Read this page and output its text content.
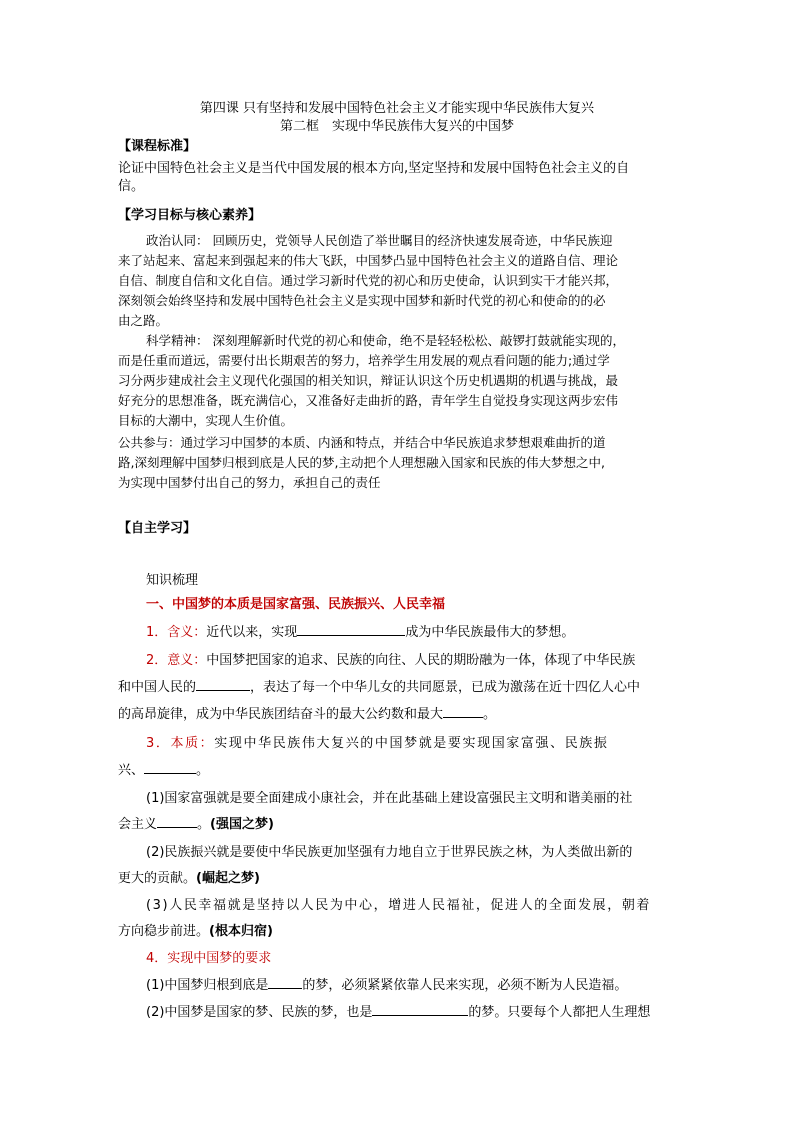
第四课 只有坚持和发展中国特色社会主义才能实现中华民族伟大复兴
第二框　实现中华民族伟大复兴的中国梦
【课程标准】
论证中国特色社会主义是当代中国发展的根本方向,坚定坚持和发展中国特色社会主义的自
信。
【学习目标与核心素养】
政治认同： 回顾历史，党领导人民创造了举世瞩目的经济快速发展奇迹，中华民族迎
来了站起来、富起来到强起来的伟大飞跃，中国梦凸显中国特色社会主义的道路自信、理论
自信、制度自信和文化自信。通过学习新时代党的初心和历史使命，认识到实干才能兴邦，
深刻领会始终坚持和发展中国特色社会主义是实现中国梦和新时代党的初心和使命的的必
由之路。
科学精神： 深刻理解新时代党的初心和使命，绝不是轻轻松松、敲锣打鼓就能实现的，
而是任重而道远，需要付出长期艰苦的努力，培养学生用发展的观点看问题的能力;通过学
习分两步建成社会主义现代化强国的相关知识，辩证认识这个历史机遇期的机遇与挑战，最
好充分的思想准备，既充满信心，又准备好走曲折的路，青年学生自觉投身实现这两步宏伟
目标的大潮中，实现人生价值。
公共参与：通过学习中国梦的本质、内涵和特点，并结合中华民族追求梦想艰难曲折的道
路,深刻理解中国梦归根到底是人民的梦,主动把个人理想融入国家和民族的伟大梦想之中,
为实现中国梦付出自己的努力，承担自己的责任
【自主学习】
知识梳理
一、中国梦的本质是国家富强、民族振兴、人民幸福
1．含义：近代以来，实现	成为中华民族最伟大的梦想。
2．意义：中国梦把国家的追求、民族的向往、人民的期盼融为一体，体现了中华民族
和中国人民的	，表达了每一个中华儿女的共同愿景，已成为激荡在近十四亿人心中
的高昂旋律，成为中华民族团结奋斗的最大公约数和最大	。
3．本质：实现中华民族伟大复兴的中国梦就是要实现国家富强、民族振
兴、	。
(1)国家富强就是要全面建成小康社会，并在此基础上建设富强民主文明和谐美丽的社
会主义	。(强国之梦)
(2)民族振兴就是要使中华民族更加坚强有力地自立于世界民族之林，为人类做出新的
更大的贡献。(崛起之梦)
(3)人民幸福就是坚持以人民为中心，增进人民福祉，促进人的全面发展，朝着
方向稳步前进。(根本归宿)
4．实现中国梦的要求
(1)中国梦归根到底是	的梦，必须紧紧依靠人民来实现，必须不断为人民造福。
(2)中国梦是国家的梦、民族的梦，也是	的梦。只要每个人都把人生理想
